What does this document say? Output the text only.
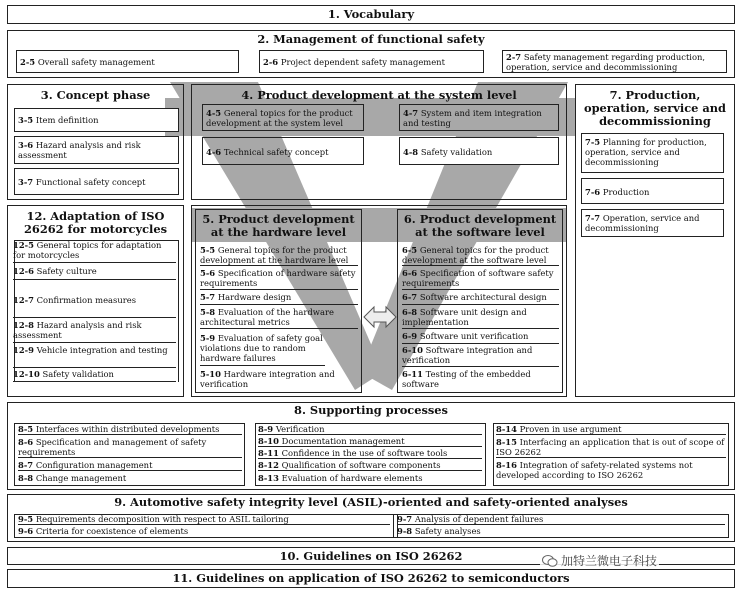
1. Vocabulary
2. Management of functional safety
2-5 Overall safety management	2-6 Project dependent safety management	2-7 Safety management regarding production, operation, service and decommissioning
3. Concept phase
3-5 Item definition
3-6 Hazard analysis and risk assessment
3-7 Functional safety concept
4. Product development at the system level
4-5 General topics for the product development at the system level
4-6 Technical safety concept
4-7 System and item integration and testing
4-8 Safety validation
7. Production, operation, service and decommissioning
7-5 Planning for production, operation, service and decommissioning
7-6 Production
7-7 Operation, service and decommissioning
12. Adaptation of ISO 26262 for motorcycles
12-5 General topics for adaptation for motorcycles
12-6 Safety culture
12-7 Confirmation measures
12-8 Hazard analysis and risk assessment
12-9 Vehicle integration and testing
12-10 Safety validation
5. Product development at the hardware level
5-5 General topics for the product development at the hardware level
5-6 Specification of hardware safety requirements
5-7 Hardware design
5-8 Evaluation of the hardware architectural metrics
5-9 Evaluation of safety goal violations due to random hardware failures
5-10 Hardware integration and verification
6. Product development at the software level
6-5 General topics for the product development at the software level
6-6 Specification of software safety requirements
6-7 Software architectural design
6-8 Software unit design and implementation
6-9 Software unit verification
6-10 Software integration and verification
6-11 Testing of the embedded software
8. Supporting processes
8-5 Interfaces within distributed developments
8-6 Specification and management of safety requirements
8-7 Configuration management
8-8 Change management
8-9 Verification
8-10 Documentation management
8-11 Confidence in the use of software tools
8-12 Qualification of software components
8-13 Evaluation of hardware elements
8-14 Proven in use argument
8-15 Interfacing an application that is out of scope of ISO 26262
8-16 Integration of safety-related systems not developed according to ISO 26262
9. Automotive safety integrity level (ASIL)-oriented and safety-oriented analyses
9-5 Requirements decomposition with respect to ASIL tailoring
9-6 Criteria for coexistence of elements
9-7 Analysis of dependent failures
9-8 Safety analyses
10. Guidelines on ISO 26262
11. Guidelines on application of ISO 26262 to semiconductors
加特兰微电子科技
